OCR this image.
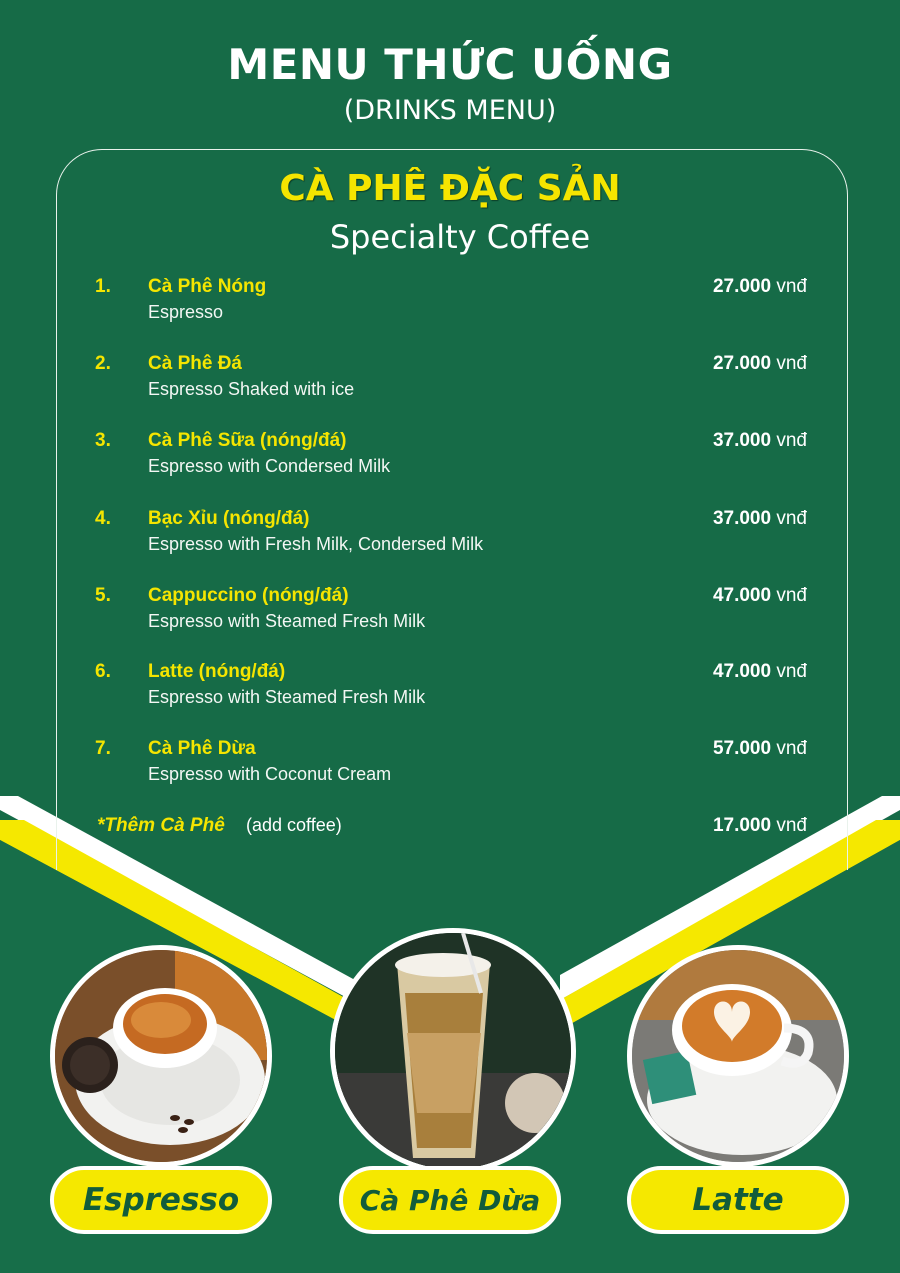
MENU THỨC UỐNG
(DRINKS MENU)
CÀ PHÊ ĐẶC SẢN
Specialty Coffee
1. Cà Phê Nóng
Espresso
27.000 vnđ
2. Cà Phê Đá
Espresso Shaked with ice
27.000 vnđ
3. Cà Phê Sữa (nóng/đá)
Espresso with Condersed Milk
37.000 vnđ
4. Bạc Xỉu (nóng/đá)
Espresso with Fresh Milk, Condersed Milk
37.000 vnđ
5. Cappuccino (nóng/đá)
Espresso with Steamed Fresh Milk
47.000 vnđ
6. Latte (nóng/đá)
Espresso with Steamed Fresh Milk
47.000 vnđ
7. Cà Phê Dừa
Espresso with Coconut Cream
57.000 vnđ
*Thêm Cà Phê (add coffee)	17.000 vnđ
Espresso	Cà Phê Dừa	Latte
